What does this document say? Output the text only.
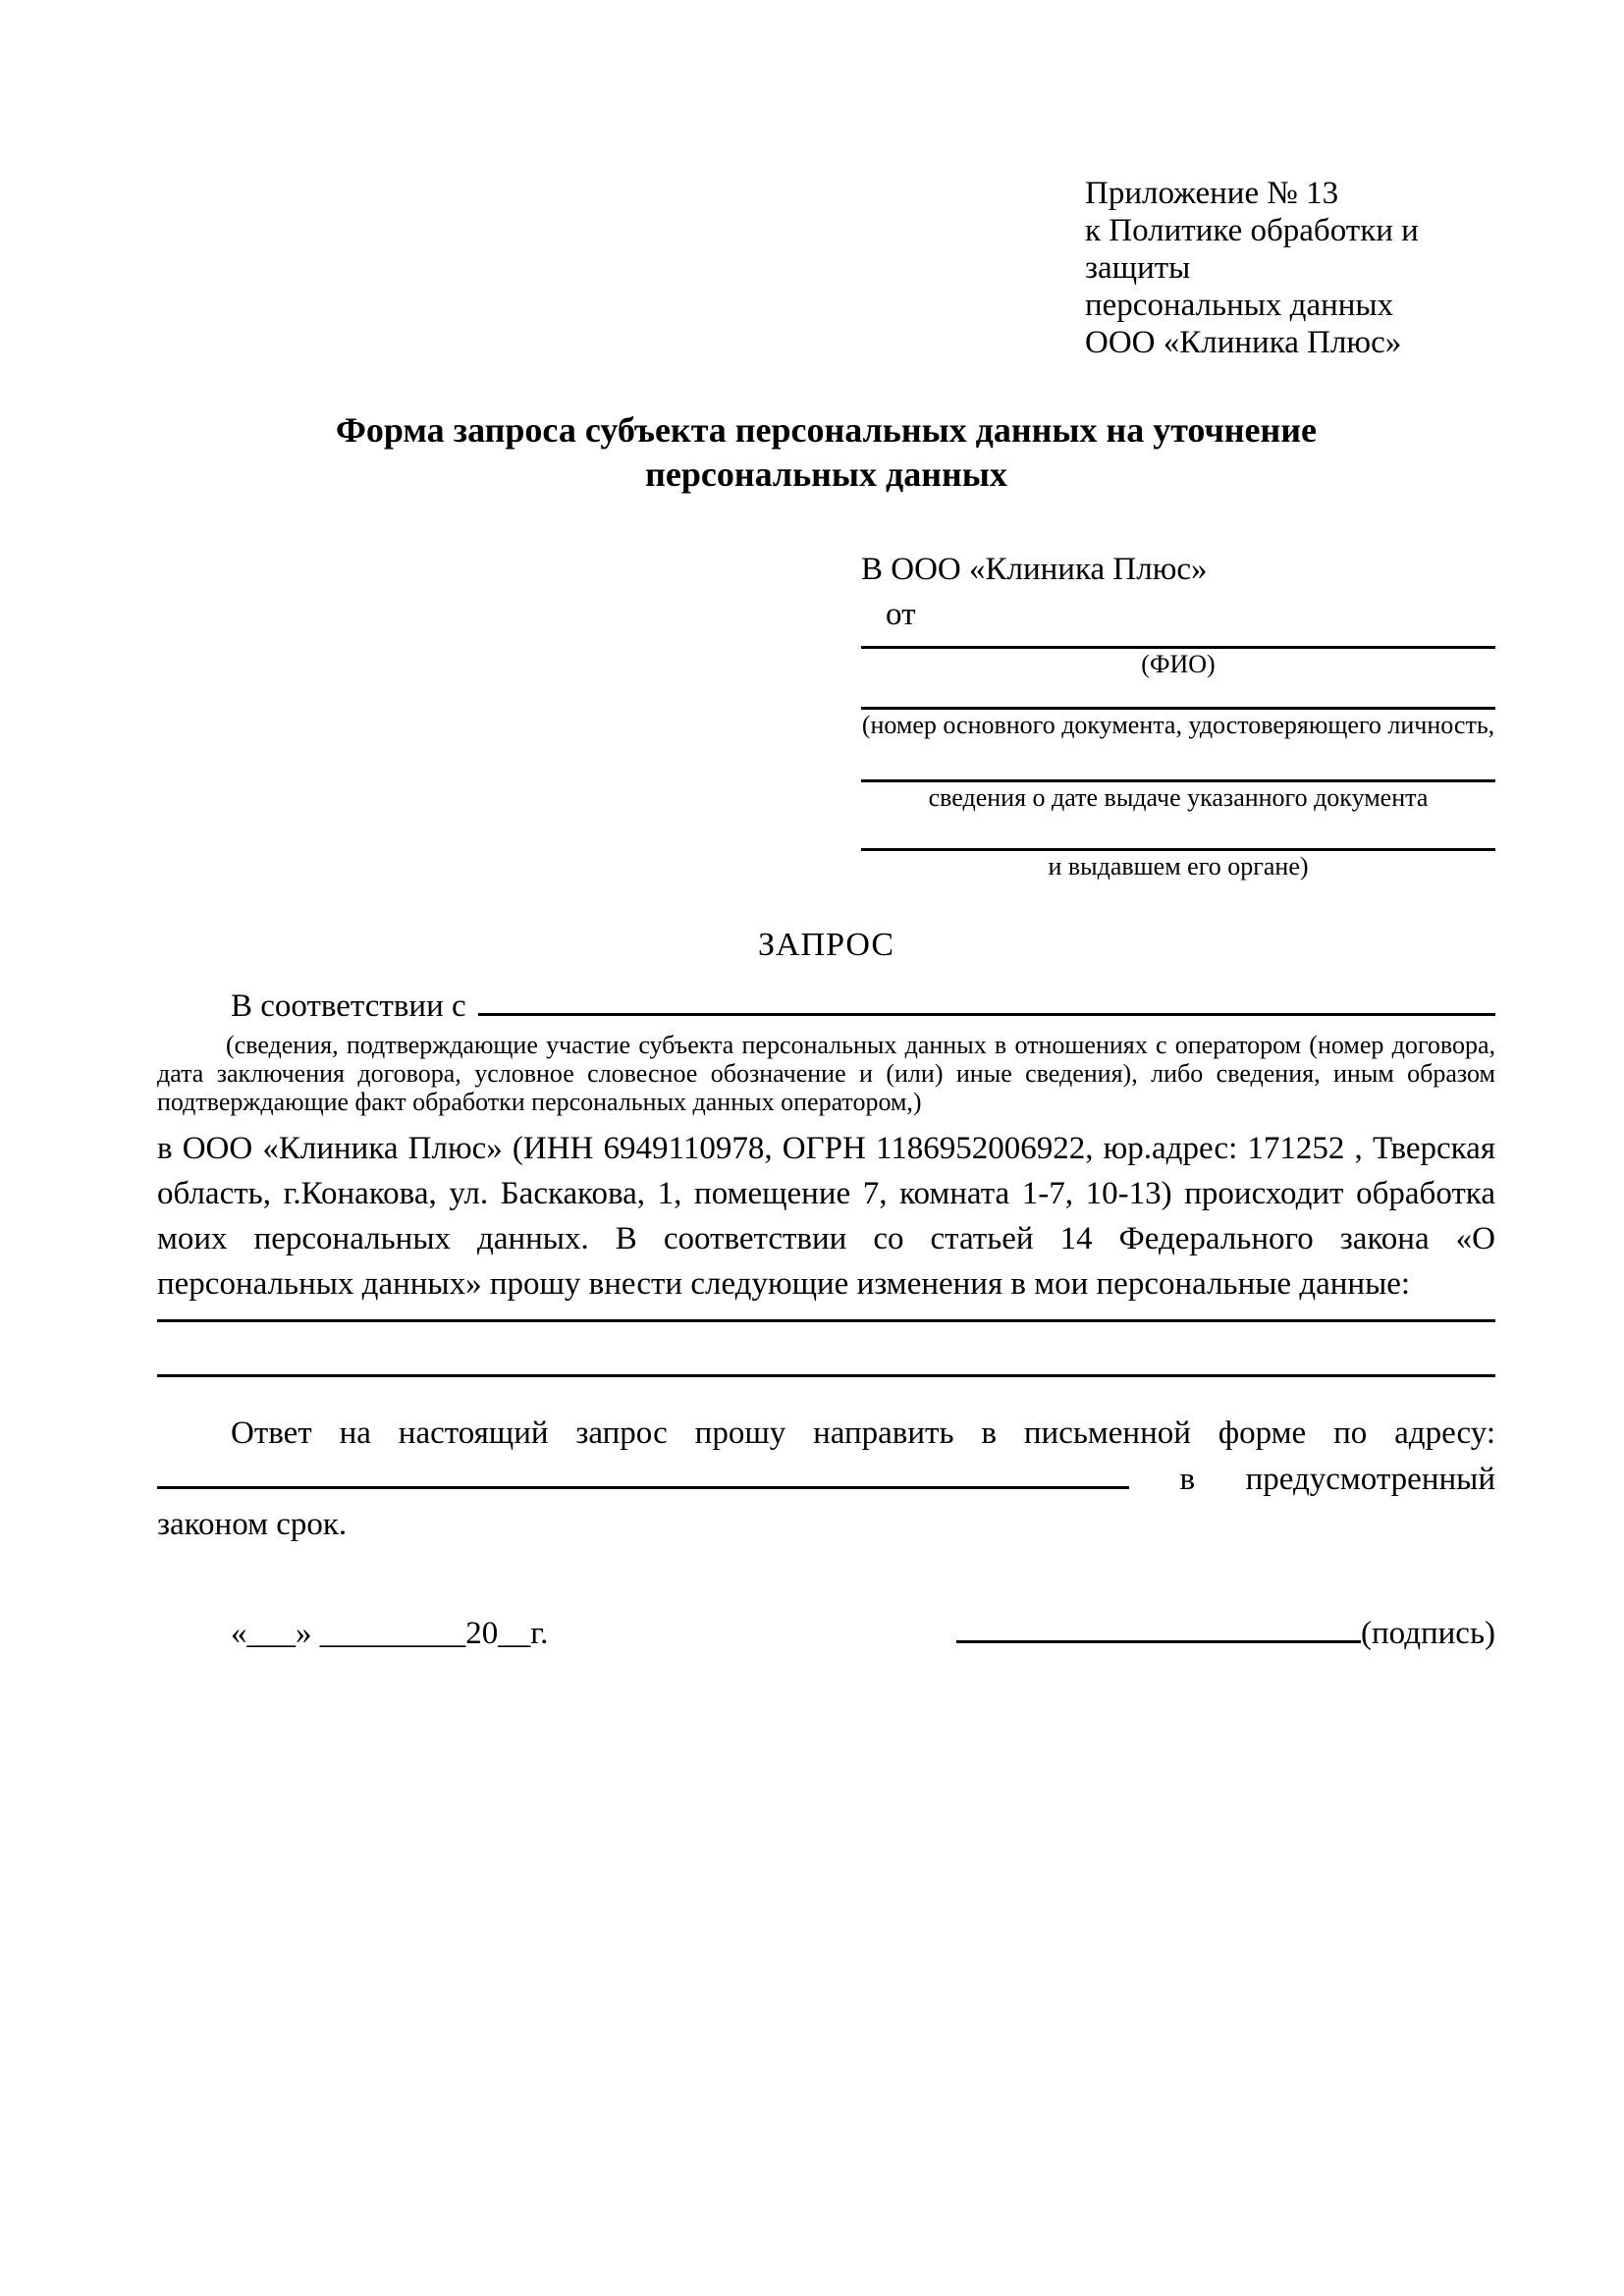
Приложение № 13
к Политике обработки и защиты
персональных данных
ООО «Клиника Плюс»
Форма запроса субъекта персональных данных на уточнение персональных данных
В ООО «Клиника Плюс»
от
(ФИО)
(номер основного документа, удостоверяющего личность,
сведения о дате выдаче указанного документа
и выдавшем его органе)
ЗАПРОС
В соответствии с
(сведения, подтверждающие участие субъекта персональных данных в отношениях с оператором (номер договора, дата заключения договора, условное словесное обозначение и (или) иные сведения), либо сведения, иным образом подтверждающие факт обработки персональных данных оператором,)
в ООО «Клиника Плюс» (ИНН 6949110978, ОГРН 1186952006922, юр.адрес: 171252 , Тверская область, г.Конакова, ул. Баскакова, 1, помещение 7, комната 1-7, 10-13) происходит обработка моих персональных данных. В соответствии со статьей 14 Федерального закона «О персональных данных» прошу внести следующие изменения в мои персональные данные:
Ответ на настоящий запрос прошу направить в письменной форме по адресу:
в предусмотренный
законом срок.
«___» _________20__г.	(подпись)
